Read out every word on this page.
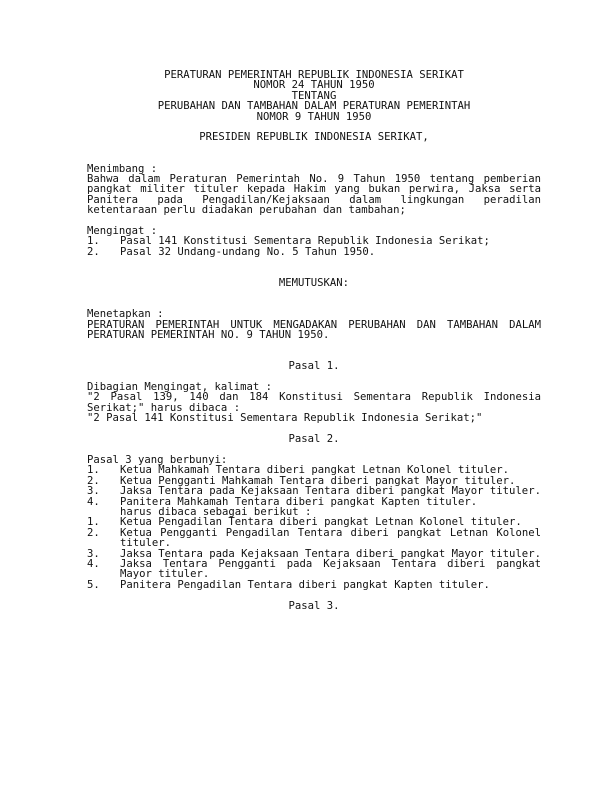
PERATURAN PEMERINTAH REPUBLIK INDONESIA SERIKAT
NOMOR 24 TAHUN 1950
TENTANG
PERUBAHAN DAN TAMBAHAN DALAM PERATURAN PEMERINTAH
NOMOR 9 TAHUN 1950
PRESIDEN REPUBLIK INDONESIA SERIKAT,
Menimbang :
Bahwa dalam Peraturan Pemerintah No. 9 Tahun 1950 tentang pemberian pangkat militer tituler kepada Hakim yang bukan perwira, Jaksa serta Panitera pada Pengadilan/Kejaksaan dalam lingkungan peradilan ketentaraan perlu diadakan perubahan dan tambahan;
Mengingat :
1.	Pasal 141 Konstitusi Sementara Republik Indonesia Serikat;
2.	Pasal 32 Undang-undang No. 5 Tahun 1950.
MEMUTUSKAN:
Menetapkan :
PERATURAN PEMERINTAH UNTUK MENGADAKAN PERUBAHAN DAN TAMBAHAN DALAM PERATURAN PEMERINTAH NO. 9 TAHUN 1950.
Pasal 1.
Dibagian Mengingat, kalimat :
"2 Pasal 139, 140 dan 184 Konstitusi Sementara Republik Indonesia Serikat;" harus dibaca :
"2 Pasal 141 Konstitusi Sementara Republik Indonesia Serikat;"
Pasal 2.
Pasal 3 yang berbunyi:
1.	Ketua Mahkamah Tentara diberi pangkat Letnan Kolonel tituler.
2.	Ketua Pengganti Mahkamah Tentara diberi pangkat Mayor tituler.
3.	Jaksa Tentara pada Kejaksaan Tentara diberi pangkat Mayor tituler.
4.	Panitera Mahkamah Tentara diberi pangkat Kapten tituler.
harus dibaca sebagai berikut :
1.	Ketua Pengadilan Tentara diberi pangkat Letnan Kolonel tituler.
2.	Ketua Pengganti Pengadilan Tentara diberi pangkat Letnan Kolonel tituler.
3.	Jaksa Tentara pada Kejaksaan Tentara diberi pangkat Mayor tituler.
4.	Jaksa Tentara Pengganti pada Kejaksaan Tentara diberi pangkat Mayor tituler.
5.	Panitera Pengadilan Tentara diberi pangkat Kapten tituler.
Pasal 3.
